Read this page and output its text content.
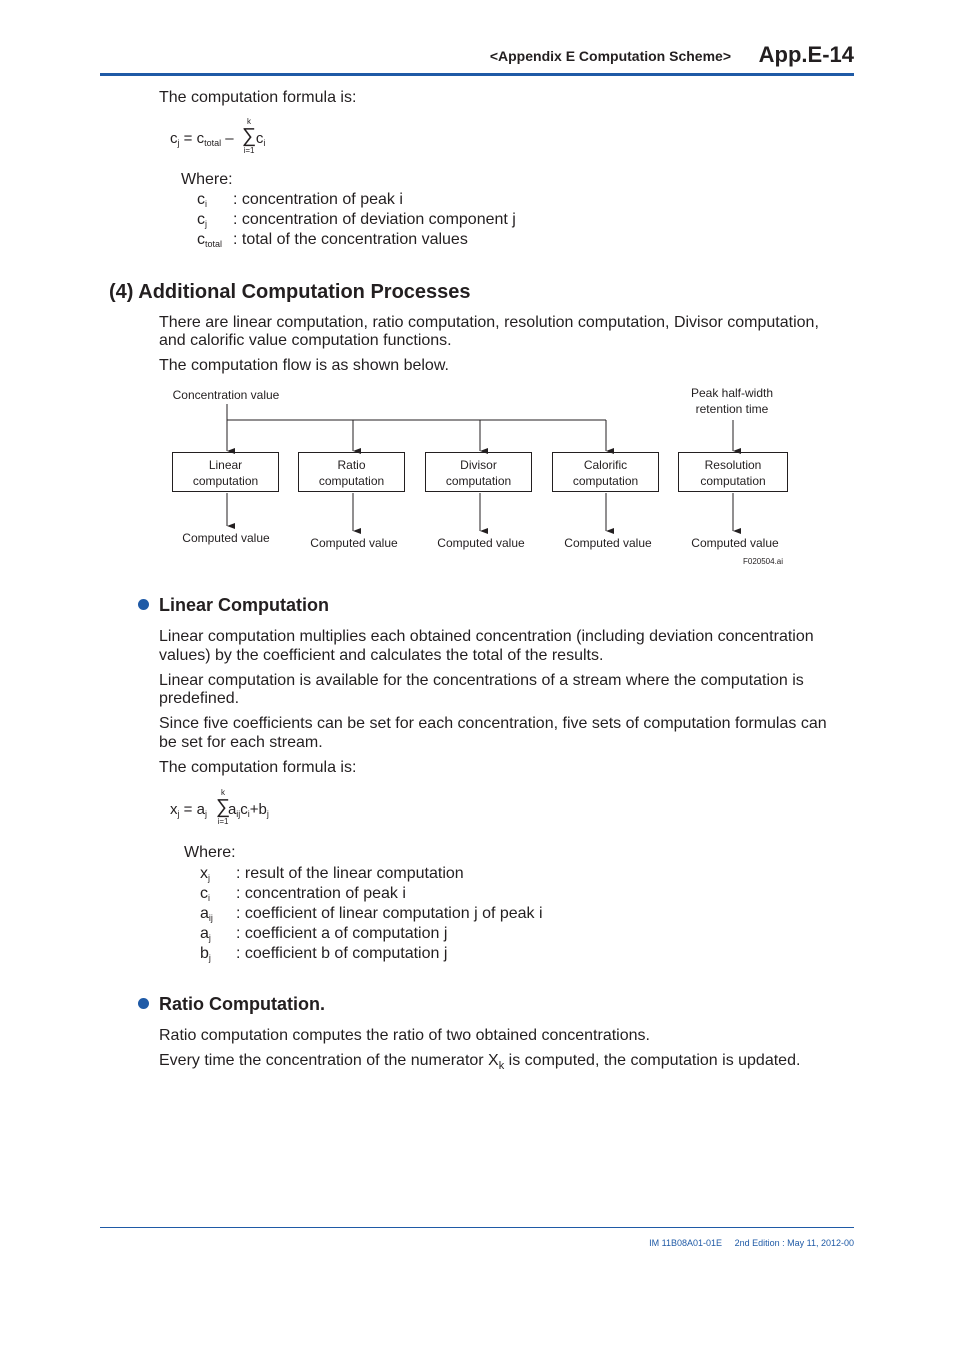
<Appendix E Computation Scheme> App.E-14
The computation formula is:
$c_j = c_{total} - c_i$
k
∑
i=1
Where:
$c_i$ : concentration of peak i
$c_j$ : concentration of deviation component j
$c_{total}$ : total of the concentration values
(4) Additional Computation Processes
There are linear computation, ratio computation, resolution computation, Divisor computation,
and calorific value computation functions.
The computation flow is as shown below.
Concentration value	Peak half-width
retention time
Linear
computation
Ratio
computation
Divisor
computation
Calorific
computation
Resolution
computation
Computed value	Computed value	Computed value	Computed value	Computed value
F020504.ai
Linear Computation
Linear computation multiplies each obtained concentration (including deviation concentration
values) by the coefficient and calculates the total of the results.
Linear computation is available for the concentrations of a stream where the computation is
predefined.
Since five coefficients can be set for each concentration, five sets of computation formulas can
be set for each stream.
The computation formula is:
$x_j = a_j$ $a_{ij}c_i+b_j$
k
∑
i=1
Where:
$x_j$ : result of the linear computation
$c_i$ : concentration of peak i
$a_{ij}$ : coefficient of linear computation j of peak i
$a_j$ : coefficient a of computation j
$b_j$ : coefficient b of computation j
Ratio Computation.
Ratio computation computes the ratio of two obtained concentrations.
Every time the concentration of the numerator $X_k$ is computed, the computation is updated.
IM 11B08A01-01E 2nd Edition : May 11, 2012-00
